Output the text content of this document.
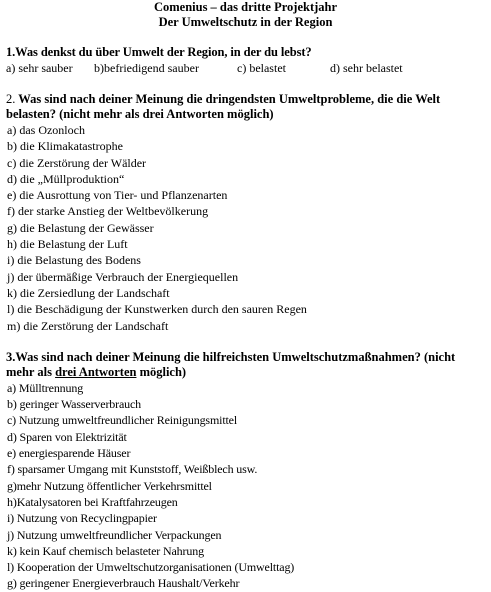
Comenius – das dritte Projektjahr
Der Umweltschutz in der Region
1.Was denkst du über Umwelt der Region, in der du lebst?
a) sehr sauber	b)befriedigend sauber	c) belastet	d) sehr belastet
2. Was sind nach deiner Meinung die dringendsten Umweltprobleme, die die Welt belasten? (nicht mehr als drei Antworten möglich)
a) das Ozonloch
b) die Klimakatastrophe
c) die Zerstörung der Wälder
d) die „Müllproduktion“
e) die Ausrottung von Tier- und Pflanzenarten
f) der starke Anstieg der Weltbevölkerung
g) die Belastung der Gewässer
h) die Belastung der Luft
i) die Belastung des Bodens
j) der übermäßige Verbrauch der Energiequellen
k) die Zersiedlung der Landschaft
l) die Beschädigung der Kunstwerken durch den sauren Regen
m) die Zerstörung der Landschaft
3.Was sind nach deiner Meinung die hilfreichsten Umweltschutzmaßnahmen? (nicht mehr als drei Antworten möglich)
a) Mülltrennung
b) geringer Wasserverbrauch
c) Nutzung umweltfreundlicher Reinigungsmittel
d) Sparen von Elektrizität
e) energiesparende Häuser
f) sparsamer Umgang mit Kunststoff, Weißblech usw.
g)mehr Nutzung öffentlicher Verkehrsmittel
h)Katalysatoren bei Kraftfahrzeugen
i) Nutzung von Recyclingpapier
j) Nutzung umweltfreundlicher Verpackungen
k) kein Kauf chemisch belasteter Nahrung
l) Kooperation der Umweltschutzorganisationen (Umwelttag)
g) geringener Energieverbrauch Haushalt/Verkehr
